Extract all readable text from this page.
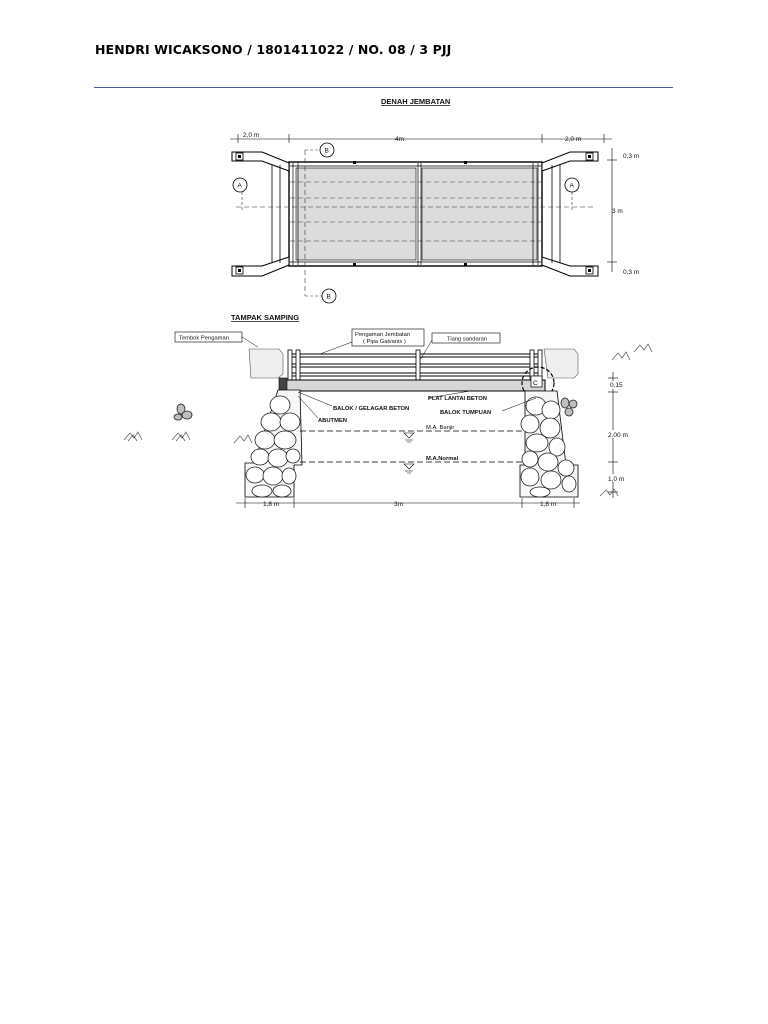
HENDRI WICAKSONO / 1801411022 / NO. 08 / 3 PJJ
DENAH JEMBATAN
2,0 m
4m	2,0 m
0,3 m
3 m
0,3 m
A	A
B
B
TAMPAK SAMPING
Tembok Pengaman
Pengaman Jembatan
( Pipa Galvanis )	Tiang sandaran
C
PLAT LANTAI BETON
BALOK / GELAGAR BETON
BALOK TUMPUAN
ABUTMEN
M.A. Banjir
M.A.Normal
1,8 m	3m	1,8 m
0,15
2,00 m
1,0 m
